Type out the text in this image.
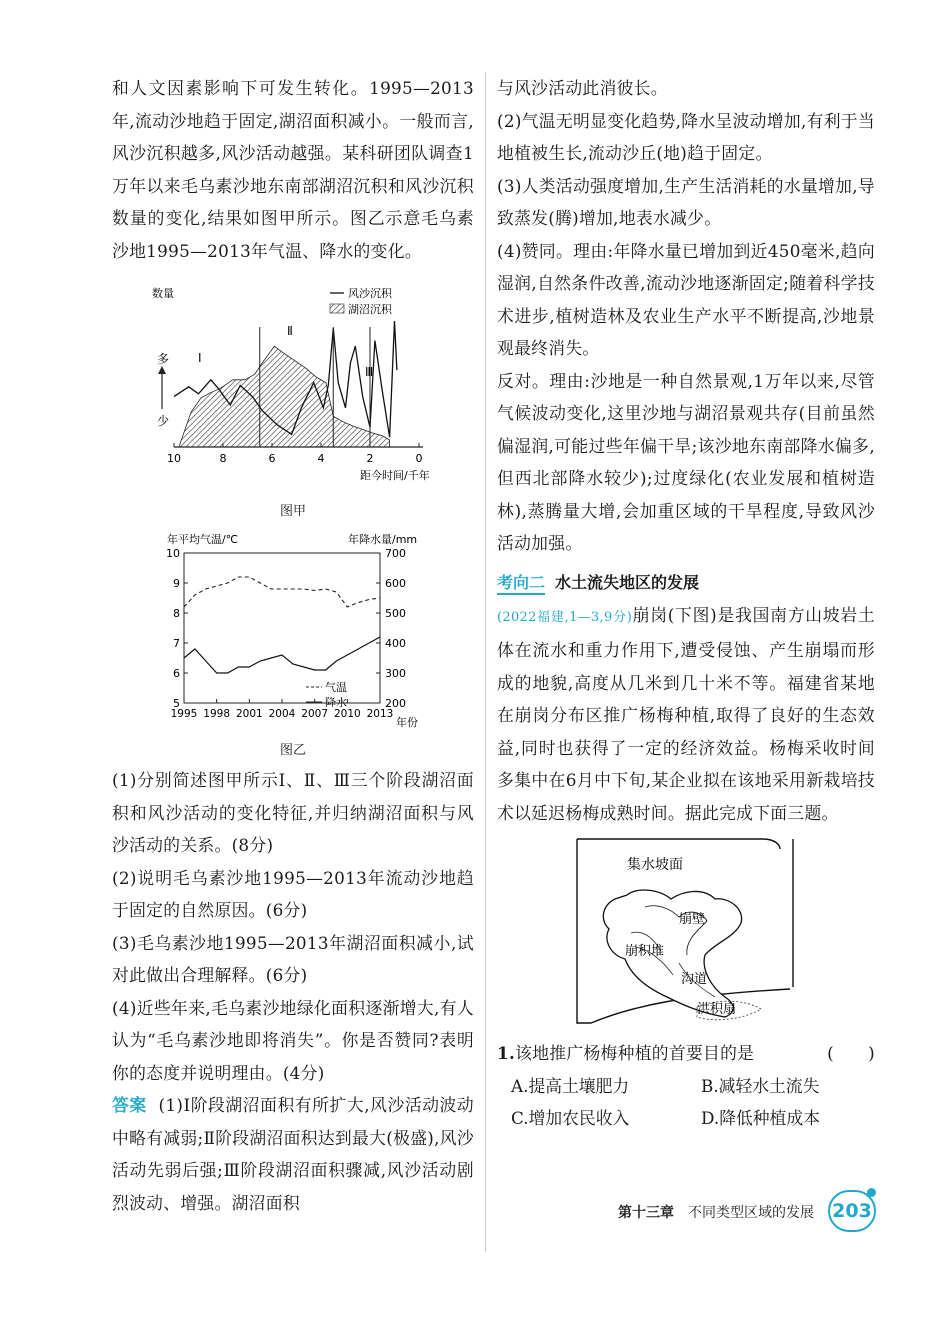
和人文因素影响下可发生转化。1995—2013年,流动沙地趋于固定,湖沼面积减小。一般而言,风沙沉积越多,风沙活动越强。某科研团队调查1万年以来毛乌素沙地东南部湖沼沉积和风沙沉积数量的变化,结果如图甲所示。图乙示意毛乌素沙地1995—2013年气温、降水的变化。

10	8	6	4	2	0
数量
多
少
风沙沉积
湖沼沉积
Ⅰ
Ⅱ
Ⅲ
距今时间/千年
图甲
5
6
7
8
9
10
200
300
400
500
600
700
1995 1998 2001 2004 2007 2010 2013
年平均气温/℃	年降水量/mm
气温
降水
年份
图乙

(1)分别简述图甲所示Ⅰ、Ⅱ、Ⅲ三个阶段湖沼面积和风沙活动的变化特征,并归纳湖沼面积与风沙活动的关系。(8分)

(2)说明毛乌素沙地1995—2013年流动沙地趋于固定的自然原因。(6分)

(3)毛乌素沙地1995—2013年湖沼面积减小,试对此做出合理解释。(6分)

(4)近些年来,毛乌素沙地绿化面积逐渐增大,有人认为“毛乌素沙地即将消失”。你是否赞同?表明你的态度并说明理由。(4分)

答案 (1)Ⅰ阶段湖沼面积有所扩大,风沙活动波动中略有减弱;Ⅱ阶段湖沼面积达到最大(极盛),风沙活动先弱后强;Ⅲ阶段湖沼面积骤减,风沙活动剧烈波动、增强。湖沼面积

与风沙活动此消彼长。

(2)气温无明显变化趋势,降水呈波动增加,有利于当地植被生长,流动沙丘(地)趋于固定。

(3)人类活动强度增加,生产生活消耗的水量增加,导致蒸发(腾)增加,地表水减少。

(4)赞同。理由:年降水量已增加到近450毫米,趋向湿润,自然条件改善,流动沙地逐渐固定;随着科学技术进步,植树造林及农业生产水平不断提高,沙地景观最终消失。

反对。理由:沙地是一种自然景观,1万年以来,尽管气候波动变化,这里沙地与湖沼景观共存(目前虽然偏湿润,可能过些年偏干旱;该沙地东南部降水偏多,但西北部降水较少);过度绿化(农业发展和植树造林),蒸腾量大增,会加重区域的干旱程度,导致风沙活动加强。

考向二 水土流失地区的发展

(2022福建,1—3,9分)崩岗(下图)是我国南方山坡岩土体在流水和重力作用下,遭受侵蚀、产生崩塌而形成的地貌,高度从几米到几十米不等。福建省某地在崩岗分布区推广杨梅种植,取得了良好的生态效益,同时也获得了一定的经济效益。杨梅采收时间多集中在6月中下旬,某企业拟在该地采用新栽培技术以延迟杨梅成熟时间。据此完成下面三题。

集水坡面
崩壁
崩积堆
沟道
洪积扇

1.该地推广杨梅种植的首要目的是	(　　)

A.提高土壤肥力	B.减轻水土流失
C.增加农民收入	D.降低种植成本
第十三章 不同类型区域的发展 203
